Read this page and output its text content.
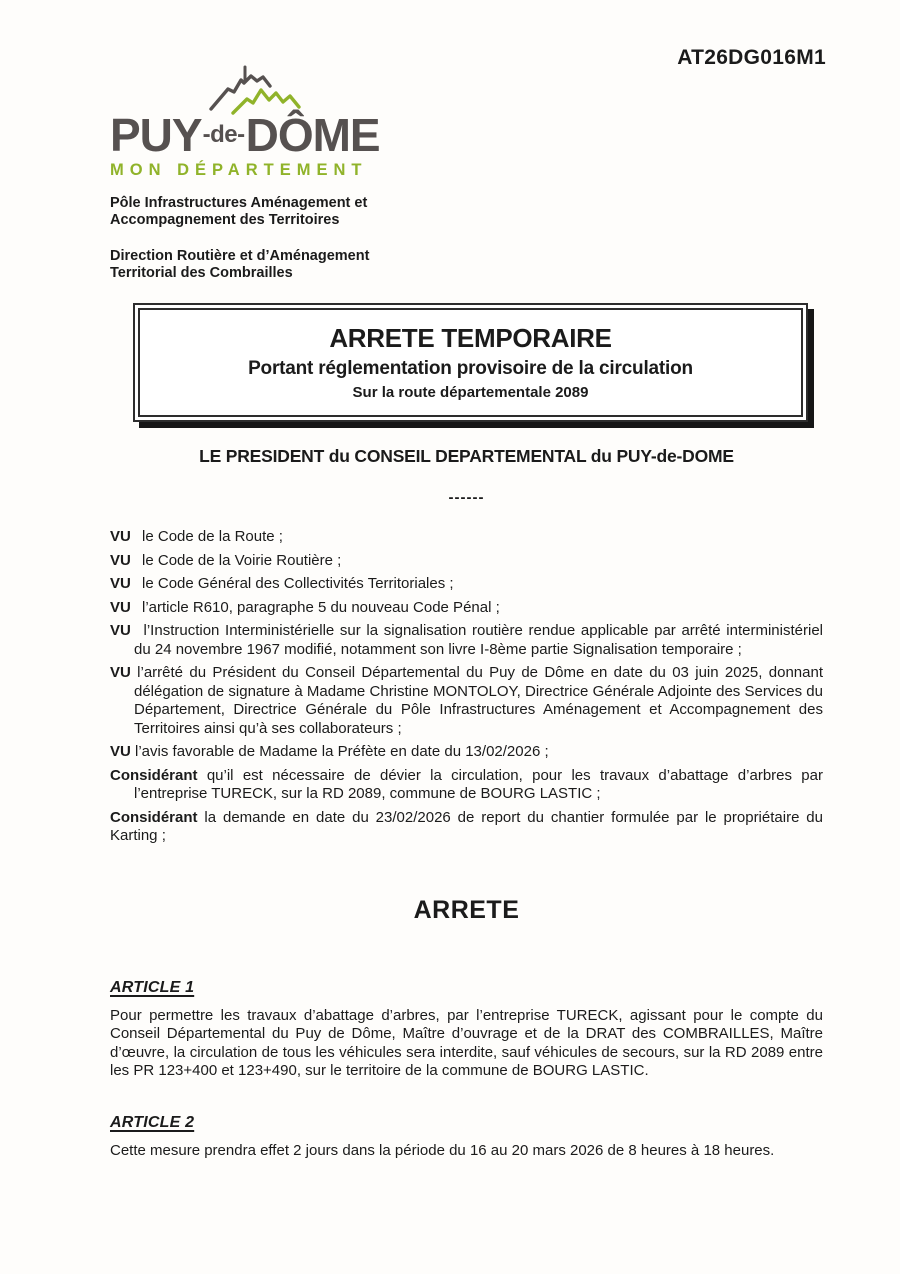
AT26DG016M1
PUY -de- DÔME
MON DÉPARTEMENT
Pôle Infrastructures Aménagement et
Accompagnement des Territoires
Direction Routière et d’Aménagement
Territorial des Combrailles
ARRETE TEMPORAIRE
Portant réglementation provisoire de la circulation
Sur la route départementale 2089
LE PRESIDENT du CONSEIL DEPARTEMENTAL du PUY-de-DOME
------
VU le Code de la Route ;
VU le Code de la Voirie Routière ;
VU le Code Général des Collectivités Territoriales ;
VU l’article R610, paragraphe 5 du nouveau Code Pénal ;
VU l’Instruction Interministérielle sur la signalisation routière rendue applicable par arrêté interministériel du 24 novembre 1967 modifié, notamment son livre I-8ème partie Signalisation temporaire ;
VU l’arrêté du Président du Conseil Départemental du Puy de Dôme en date du 03 juin 2025, donnant délégation de signature à Madame Christine MONTOLOY, Directrice Générale Adjointe des Services du Département, Directrice Générale du Pôle Infrastructures Aménagement et Accompagnement des Territoires ainsi qu’à ses collaborateurs ;
VU l’avis favorable de Madame la Préfète en date du 13/02/2026 ;
Considérant qu’il est nécessaire de dévier la circulation, pour les travaux d’abattage d’arbres par l’entreprise TURECK, sur la RD 2089, commune de BOURG LASTIC ;
Considérant la demande en date du 23/02/2026 de report du chantier formulée par le propriétaire du Karting ;
ARRETE
ARTICLE 1
Pour permettre les travaux d’abattage d’arbres, par l’entreprise TURECK, agissant pour le compte du Conseil Départemental du Puy de Dôme, Maître d’ouvrage et de la DRAT des COMBRAILLES, Maître d’œuvre, la circulation de tous les véhicules sera interdite, sauf véhicules de secours, sur la RD 2089 entre les PR 123+400 et 123+490, sur le territoire de la commune de BOURG LASTIC.
ARTICLE 2
Cette mesure prendra effet 2 jours dans la période du 16 au 20 mars 2026 de 8 heures à 18 heures.
